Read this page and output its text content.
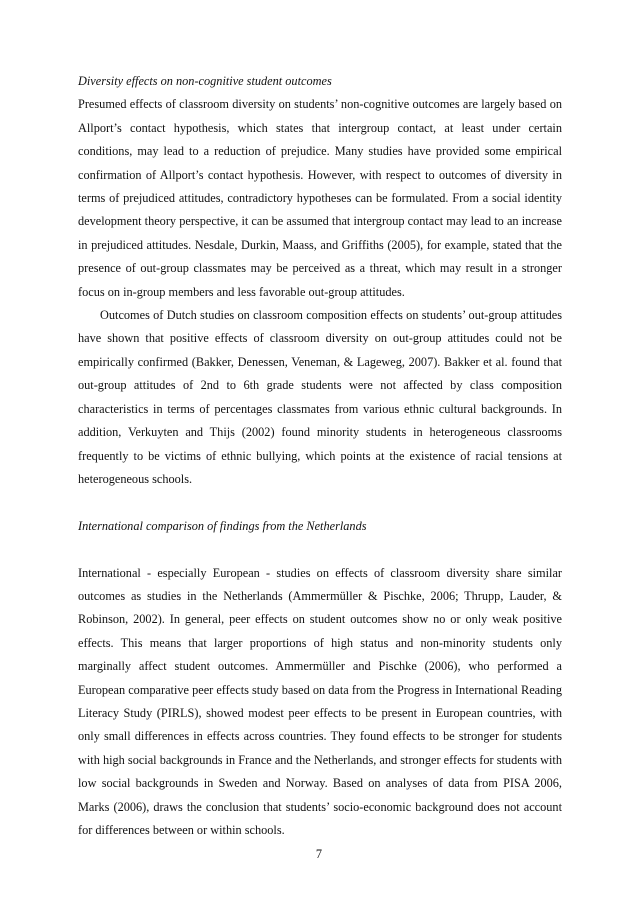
Diversity effects on non-cognitive student outcomes

Presumed effects of classroom diversity on students’ non-cognitive outcomes are largely based on Allport’s contact hypothesis, which states that intergroup contact, at least under certain conditions, may lead to a reduction of prejudice. Many studies have provided some empirical confirmation of Allport’s contact hypothesis. However, with respect to outcomes of diversity in terms of prejudiced attitudes, contradictory hypotheses can be formulated. From a social identity development theory perspective, it can be assumed that intergroup contact may lead to an increase in prejudiced attitudes. Nesdale, Durkin, Maass, and Griffiths (2005), for example, stated that the presence of out-group classmates may be perceived as a threat, which may result in a stronger focus on in-group members and less favorable out-group attitudes.

Outcomes of Dutch studies on classroom composition effects on students’ out-group attitudes have shown that positive effects of classroom diversity on out-group attitudes could not be empirically confirmed (Bakker, Denessen, Veneman, & Lageweg, 2007). Bakker et al. found that out-group attitudes of 2nd to 6th grade students were not affected by class composition characteristics in terms of percentages classmates from various ethnic cultural backgrounds. In addition, Verkuyten and Thijs (2002) found minority students in heterogeneous classrooms frequently to be victims of ethnic bullying, which points at the existence of racial tensions at heterogeneous schools.

International comparison of findings from the Netherlands

International - especially European - studies on effects of classroom diversity share similar outcomes as studies in the Netherlands (Ammermüller & Pischke, 2006; Thrupp, Lauder, & Robinson, 2002). In general, peer effects on student outcomes show no or only weak positive effects. This means that larger proportions of high status and non-minority students only marginally affect student outcomes. Ammermüller and Pischke (2006), who performed a European comparative peer effects study based on data from the Progress in International Reading Literacy Study (PIRLS), showed modest peer effects to be present in European countries, with only small differences in effects across countries. They found effects to be stronger for students with high social backgrounds in France and the Netherlands, and stronger effects for students with low social backgrounds in Sweden and Norway. Based on analyses of data from PISA 2006, Marks (2006), draws the conclusion that students’ socio-economic background does not account for differences between or within schools.

7
